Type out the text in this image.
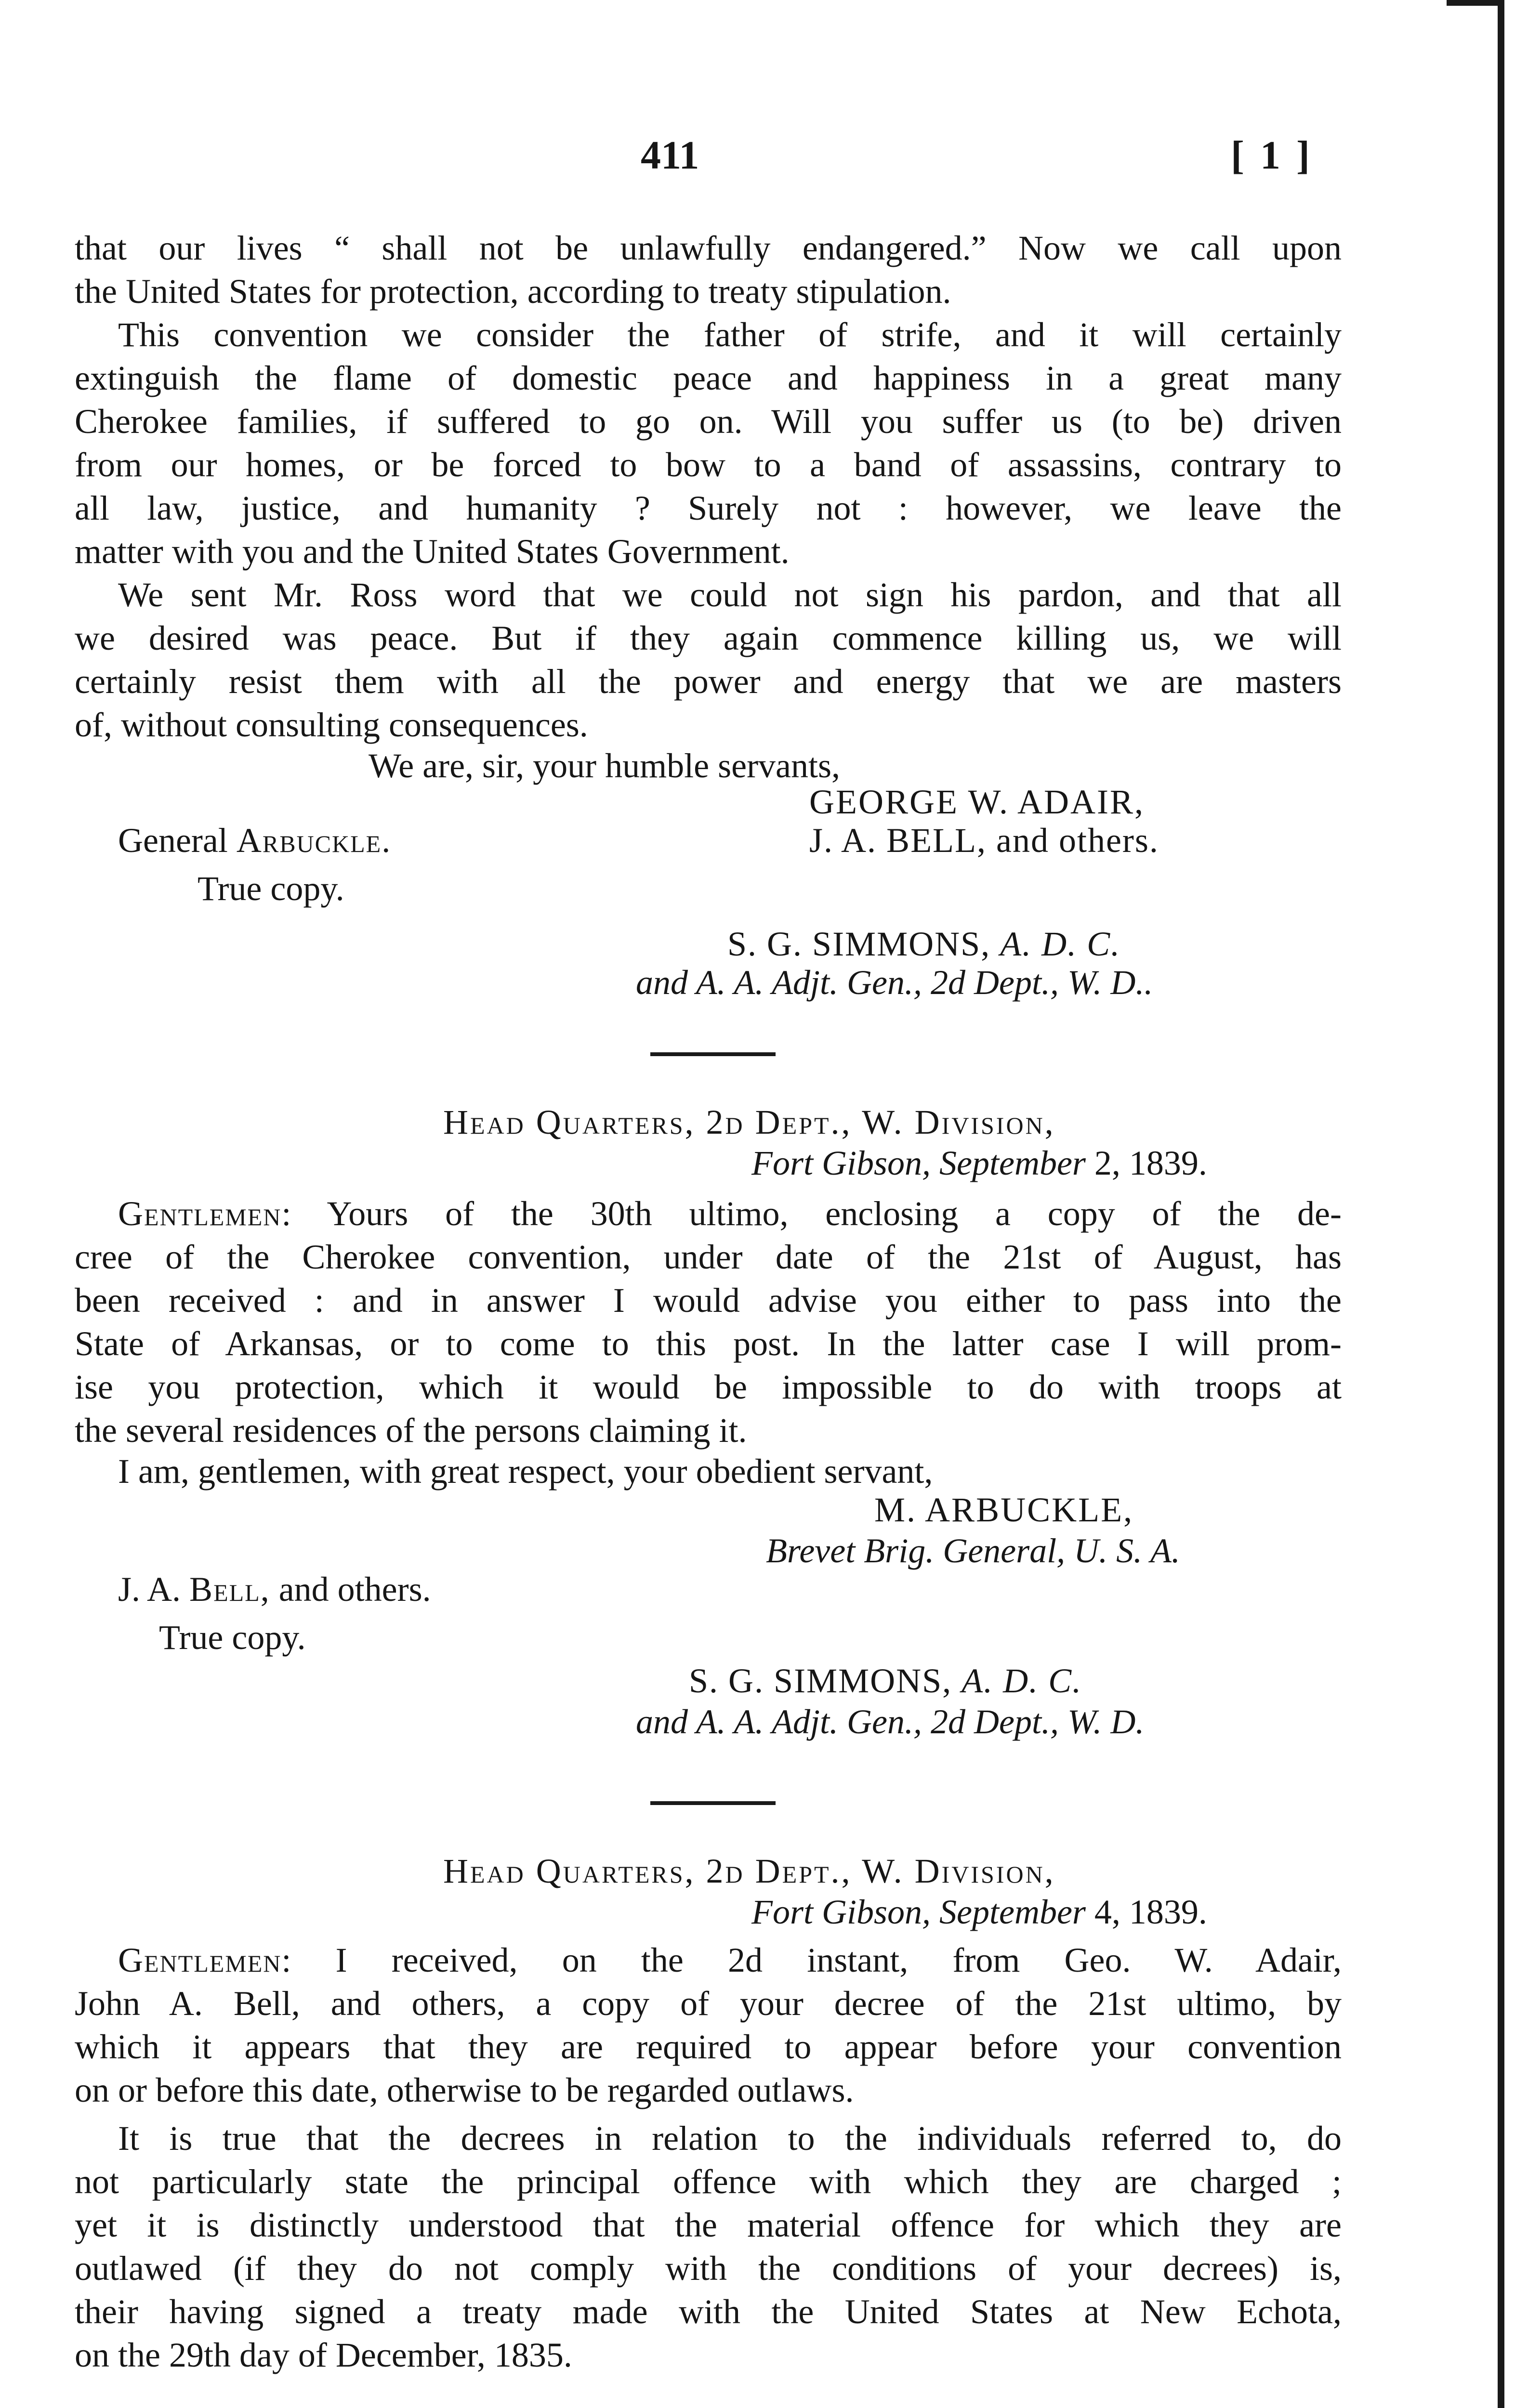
411	[ 1 ]
that our lives “ shall not be unlawfully endangered.” Now we call upon
the United States for protection, according to treaty stipulation.
This convention we consider the father of strife, and it will certainly
extinguish the flame of domestic peace and happiness in a great many
Cherokee families, if suffered to go on. Will you suffer us (to be) driven
from our homes, or be forced to bow to a band of assassins, contrary to
all law, justice, and humanity ? Surely not : however, we leave the
matter with you and the United States Government.
We sent Mr. Ross word that we could not sign his pardon, and that all
we desired was peace. But if they again commence killing us, we will
certainly resist them with all the power and energy that we are masters
of, without consulting consequences.
We are, sir, your humble servants,
GEORGE W. ADAIR,
General Arbuckle.	J. A. BELL, and others.
True copy.
S. G. SIMMONS, A. D. C.
and A. A. Adjt. Gen., 2d Dept., W. D..
Head Quarters, 2d Dept., W. Division,
Fort Gibson, September 2, 1839.
Gentlemen: Yours of the 30th ultimo, enclosing a copy of the de-
cree of the Cherokee convention, under date of the 21st of August, has
been received : and in answer I would advise you either to pass into the
State of Arkansas, or to come to this post. In the latter case I will prom-
ise you protection, which it would be impossible to do with troops at
the several residences of the persons claiming it.
I am, gentlemen, with great respect, your obedient servant,
M. ARBUCKLE,
Brevet Brig. General, U. S. A.
J. A. Bell, and others.
True copy.
S. G. SIMMONS, A. D. C.
and A. A. Adjt. Gen., 2d Dept., W. D.
Head Quarters, 2d Dept., W. Division,
Fort Gibson, September 4, 1839.
Gentlemen: I received, on the 2d instant, from Geo. W. Adair,
John A. Bell, and others, a copy of your decree of the 21st ultimo, by
which it appears that they are required to appear before your convention
on or before this date, otherwise to be regarded outlaws.
It is true that the decrees in relation to the individuals referred to, do
not particularly state the principal offence with which they are charged ;
yet it is distinctly understood that the material offence for which they are
outlawed (if they do not comply with the conditions of your decrees) is,
their having signed a treaty made with the United States at New Echota,
on the 29th day of December, 1835.
